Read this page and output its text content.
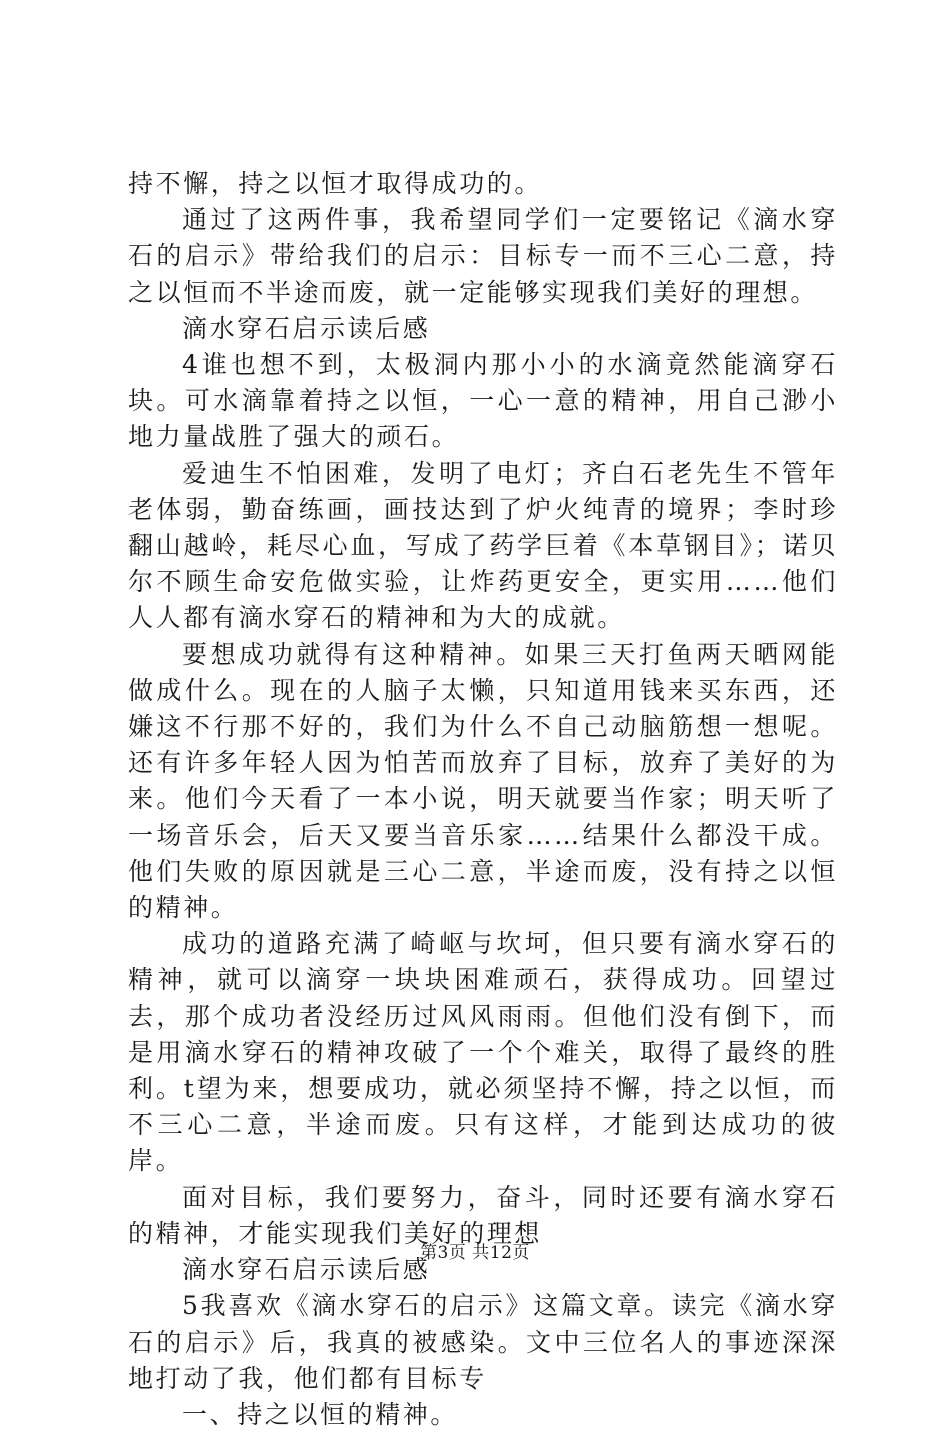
持不懈，持之以恒才取得成功的。

通过了这两件事，我希望同学们一定要铭记《滴水穿石的启示》带给我们的启示：目标专一而不三心二意，持之以恒而不半途而废，就一定能够实现我们美好的理想。

滴水穿石启示读后感

4谁也想不到，太极洞内那小小的水滴竟然能滴穿石块。可水滴靠着持之以恒，一心一意的精神，用自己渺小地力量战胜了强大的顽石。

爱迪生不怕困难，发明了电灯；齐白石老先生不管年老体弱，勤奋练画，画技达到了炉火纯青的境界；李时珍翻山越岭，耗尽心血，写成了药学巨着《本草钢目》；诺贝尔不顾生命安危做实验，让炸药更安全，更实用……他们人人都有滴水穿石的精神和为大的成就。

要想成功就得有这种精神。如果三天打鱼两天晒网能做成什么。现在的人脑子太懒，只知道用钱来买东西，还嫌这不行那不好的，我们为什么不自己动脑筋想一想呢。还有许多年轻人因为怕苦而放弃了目标，放弃了美好的为来。他们今天看了一本小说，明天就要当作家；明天听了一场音乐会，后天又要当音乐家……结果什么都没干成。他们失败的原因就是三心二意，半途而废，没有持之以恒的精神。

成功的道路充满了崎岖与坎坷，但只要有滴水穿石的精神，就可以滴穿一块块困难顽石，获得成功。回望过去，那个成功者没经历过风风雨雨。但他们没有倒下，而是用滴水穿石的精神攻破了一个个难关，取得了最终的胜利。t望为来，想要成功，就必须坚持不懈，持之以恒，而不三心二意，半途而废。只有这样，才能到达成功的彼岸。

面对目标，我们要努力，奋斗，同时还要有滴水穿石的精神，才能实现我们美好的理想

滴水穿石启示读后感

5我喜欢《滴水穿石的启示》这篇文章。读完《滴水穿石的启示》后，我真的被感染。文中三位名人的事迹深深地打动了我，他们都有目标专

一、持之以恒的精神。

第3页 共12页
